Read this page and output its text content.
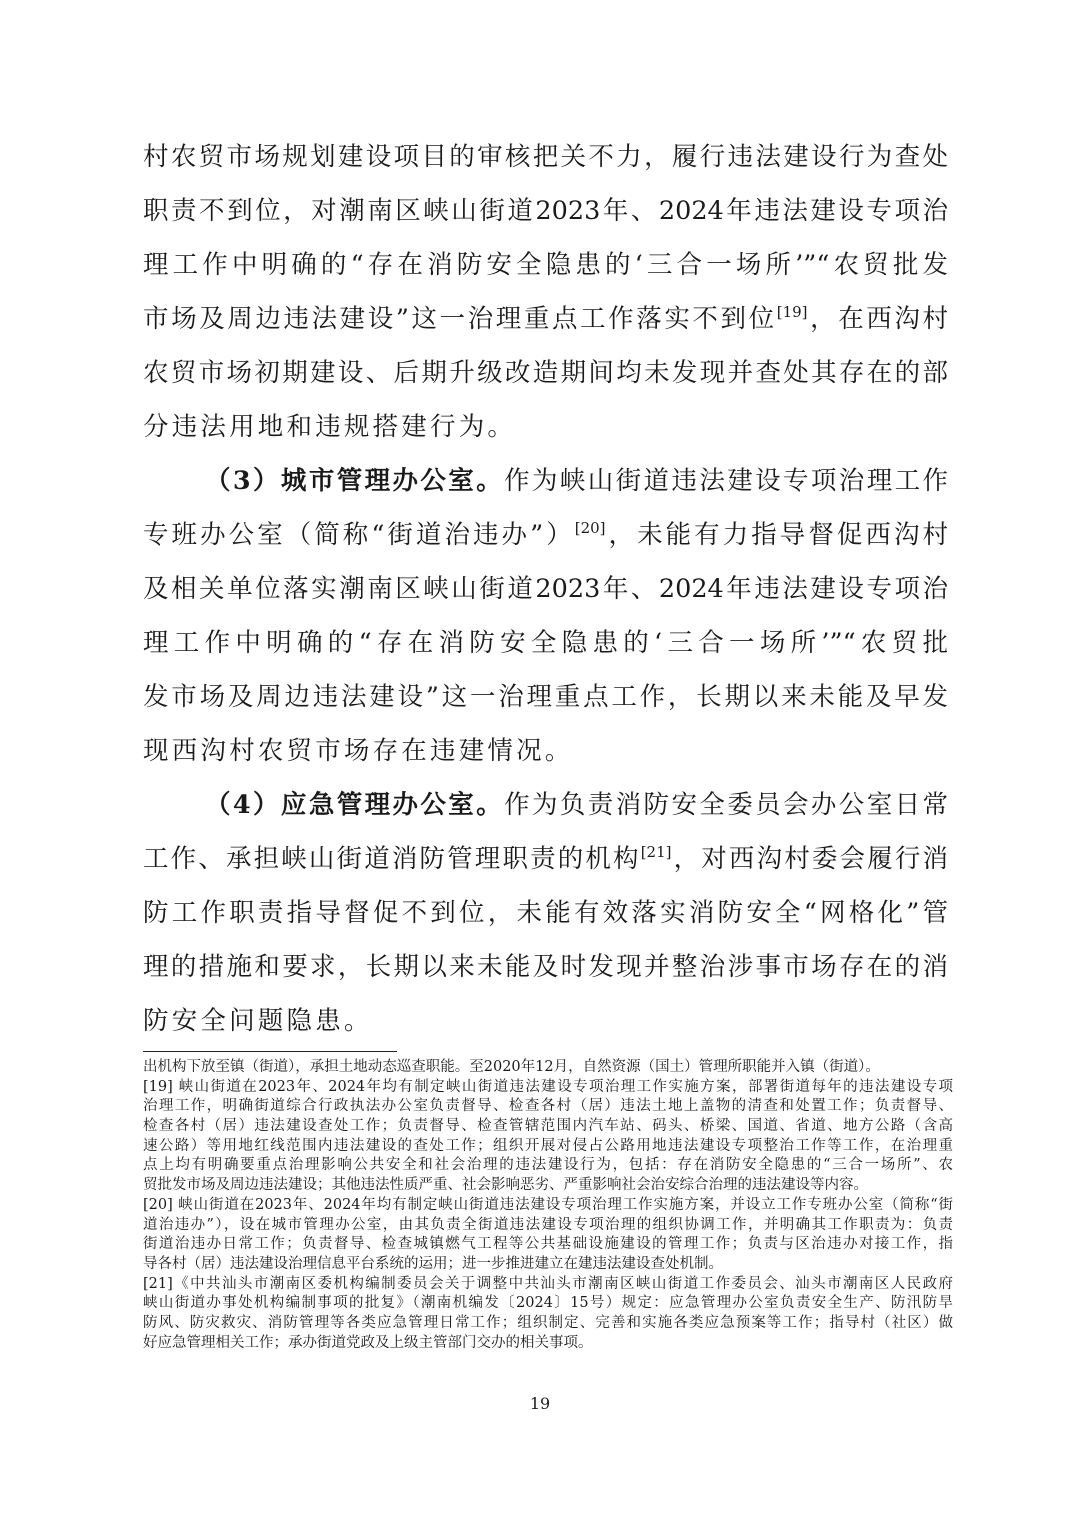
村农贸市场规划建设项目的审核把关不力，履行违法建设行为查处
职责不到位，对潮南区峡山街道2023年、2024年违法建设专项治
理工作中明确的“存在消防安全隐患的‘三合一场所’”“农贸批发
市场及周边违法建设”这一治理重点工作落实不到位[19]，在西沟村
农贸市场初期建设、后期升级改造期间均未发现并查处其存在的部
分违法用地和违规搭建行为。
（3）城市管理办公室。作为峡山街道违法建设专项治理工作
专班办公室（简称“街道治违办”）[20]，未能有力指导督促西沟村
及相关单位落实潮南区峡山街道2023年、2024年违法建设专项治
理工作中明确的“存在消防安全隐患的‘三合一场所’”“农贸批
发市场及周边违法建设”这一治理重点工作，长期以来未能及早发
现西沟村农贸市场存在违建情况。
（4）应急管理办公室。作为负责消防安全委员会办公室日常
工作、承担峡山街道消防管理职责的机构[21]，对西沟村委会履行消
防工作职责指导督促不到位，未能有效落实消防安全“网格化”管
理的措施和要求，长期以来未能及时发现并整治涉事市场存在的消
防安全问题隐患。
出机构下放至镇（街道），承担土地动态巡查职能。至2020年12月，自然资源（国土）管理所职能并入镇（街道）。
[19] 峡山街道在2023年、2024年均有制定峡山街道违法建设专项治理工作实施方案，部署街道每年的违法建设专项
治理工作，明确街道综合行政执法办公室负责督导、检查各村（居）违法土地上盖物的清查和处置工作；负责督导、
检查各村（居）违法建设查处工作；负责督导、检查管辖范围内汽车站、码头、桥梁、国道、省道、地方公路（含高
速公路）等用地红线范围内违法建设的查处工作；组织开展对侵占公路用地违法建设专项整治工作等工作，在治理重
点上均有明确要重点治理影响公共安全和社会治理的违法建设行为，包括：存在消防安全隐患的“三合一场所”、农
贸批发市场及周边违法建设；其他违法性质严重、社会影响恶劣、严重影响社会治安综合治理的违法建设等内容。
[20] 峡山街道在2023年、2024年均有制定峡山街道违法建设专项治理工作实施方案，并设立工作专班办公室（简称“街
道治违办”），设在城市管理办公室，由其负责全街道违法建设专项治理的组织协调工作，并明确其工作职责为：负责
街道治违办日常工作；负责督导、检查城镇燃气工程等公共基础设施建设的管理工作；负责与区治违办对接工作，指
导各村（居）违法建设治理信息平台系统的运用；进一步推进建立在建违法建设查处机制。
[21]《中共汕头市潮南区委机构编制委员会关于调整中共汕头市潮南区峡山街道工作委员会、汕头市潮南区人民政府
峡山街道办事处机构编制事项的批复》（潮南机编发〔2024〕15号）规定：应急管理办公室负责安全生产、防汛防旱
防风、防灾救灾、消防管理等各类应急管理日常工作；组织制定、完善和实施各类应急预案等工作；指导村（社区）做
好应急管理相关工作；承办街道党政及上级主管部门交办的相关事项。
19
